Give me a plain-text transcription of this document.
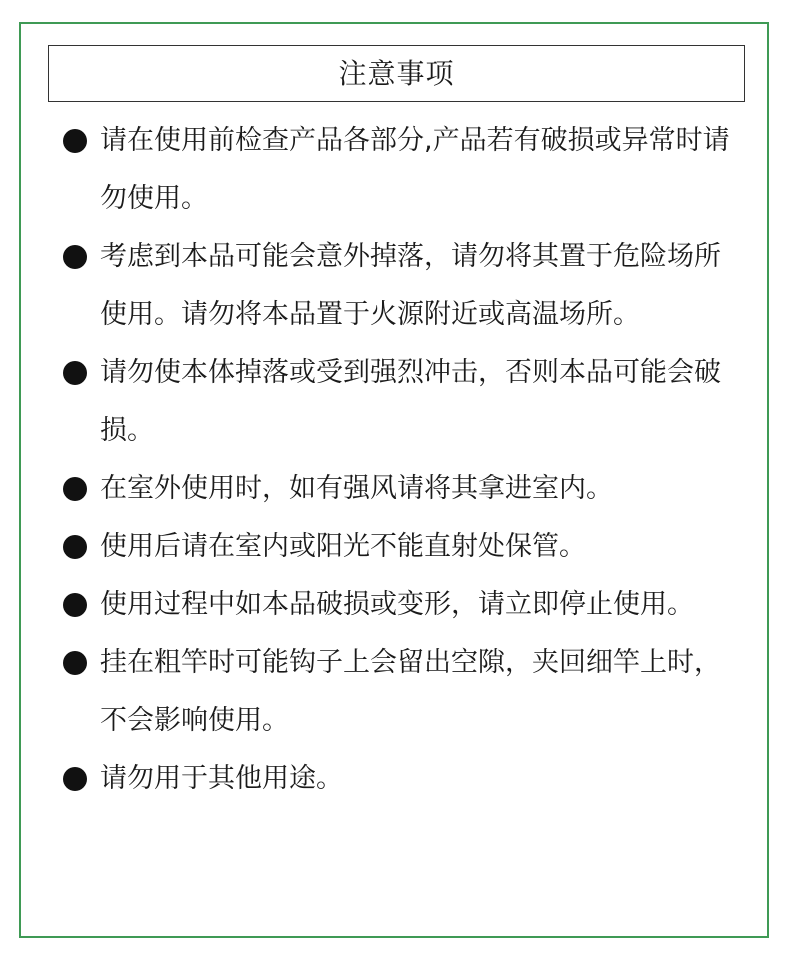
注意事项
请在使用前检查产品各部分,产品若有破损或异常时请勿使用。
考虑到本品可能会意外掉落，请勿将其置于危险场所使用。请勿将本品置于火源附近或高温场所。
请勿使本体掉落或受到强烈冲击，否则本品可能会破损。
在室外使用时，如有强风请将其拿进室内。
使用后请在室内或阳光不能直射处保管。
使用过程中如本品破损或变形，请立即停止使用。
挂在粗竿时可能钩子上会留出空隙，夹回细竿上时，不会影响使用。
请勿用于其他用途。
